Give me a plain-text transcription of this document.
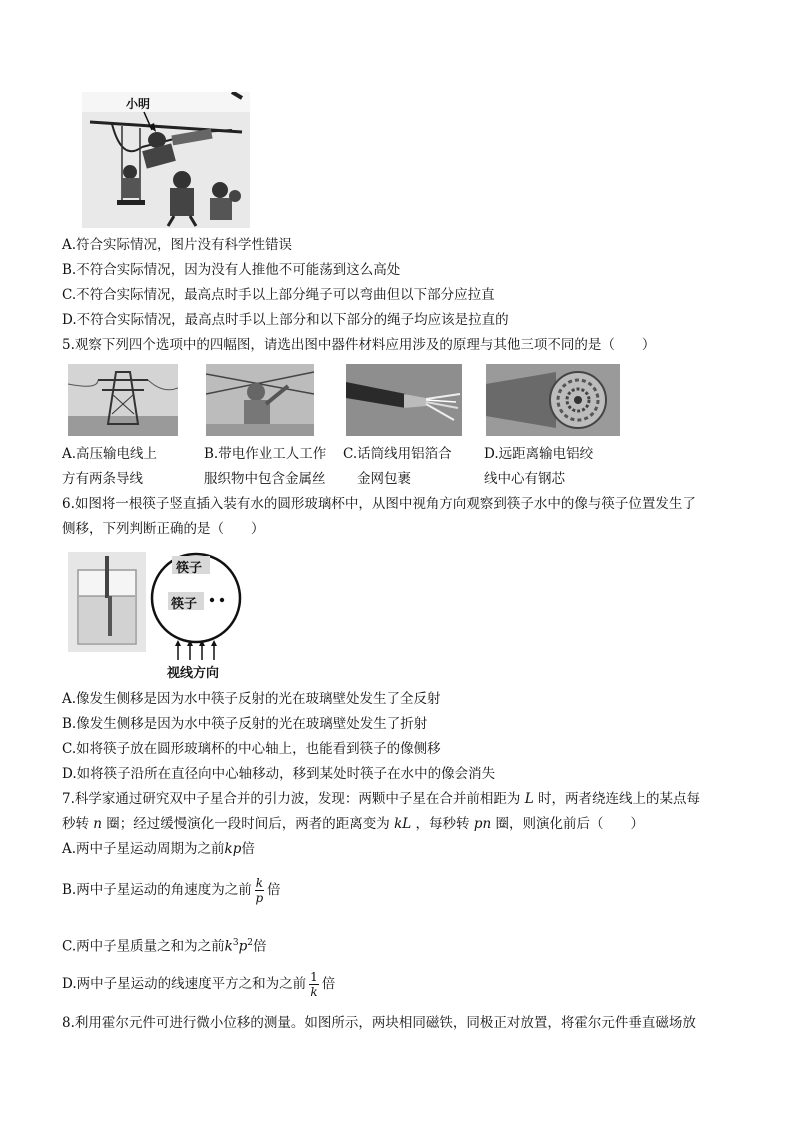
小明
A.符合实际情况，图片没有科学性错误
B.不符合实际情况，因为没有人推他不可能荡到这么高处
C.不符合实际情况，最高点时手以上部分绳子可以弯曲但以下部分应拉直
D.不符合实际情况，最高点时手以上部分和以下部分的绳子均应该是拉直的
5.观察下列四个选项中的四幅图，请选出图中器件材料应用涉及的原理与其他三项不同的是（　　）
A.高压输电线上
方有两条导线
B.带电作业工人工作
服织物中包含金属丝
C.话筒线用铝箔合
金网包裹
D.远距离输电铝绞
线中心有钢芯
6.如图将一根筷子竖直插入装有水的圆形玻璃杯中，从图中视角方向观察到筷子水中的像与筷子位置发生了
侧移，下列判断正确的是（　　）
筷子
筷子
视线方向
A.像发生侧移是因为水中筷子反射的光在玻璃壁处发生了全反射
B.像发生侧移是因为水中筷子反射的光在玻璃壁处发生了折射
C.如将筷子放在圆形玻璃杯的中心轴上，也能看到筷子的像侧移
D.如将筷子沿所在直径向中心轴移动，移到某处时筷子在水中的像会消失
7.科学家通过研究双中子星合并的引力波，发现：两颗中子星在合并前相距为 L 时，两者绕连线上的某点每
秒转 n 圈；经过缓慢演化一段时间后，两者的距离变为 kL ，每秒转 pn 圈，则演化前后（　　）
A.两中子星运动周期为之前kp倍
B.两中子星运动的角速度为之前 $\frac{k}{p}$ 倍
C.两中子星质量之和为之前$k^3p^2$倍
D.两中子星运动的线速度平方之和为之前 $\frac{1}{k}$ 倍
8.利用霍尔元件可进行微小位移的测量。如图所示，两块相同磁铁，同极正对放置，将霍尔元件垂直磁场放
